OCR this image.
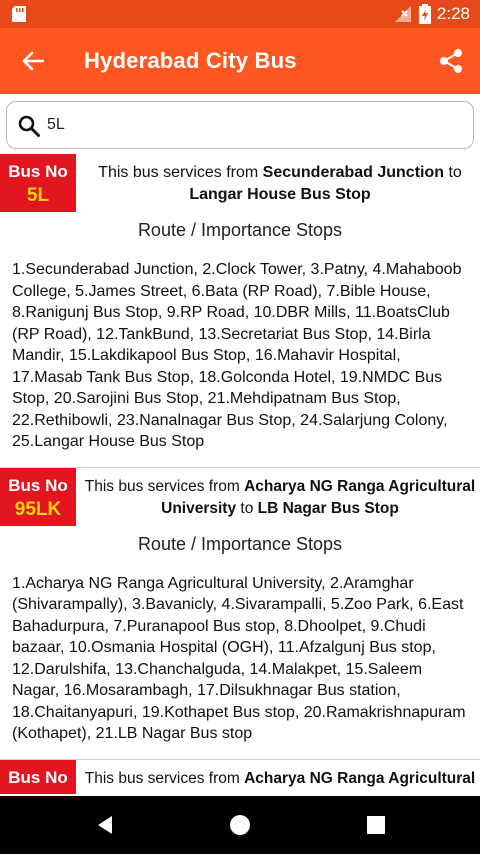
2:28
Hyderabad City Bus
5L
Bus No
5L
This bus services from Secunderabad Junction to Langar House Bus Stop
Route / Importance Stops
1.Secunderabad Junction, 2.Clock Tower, 3.Patny, 4.Mahaboob College, 5.James Street, 6.Bata (RP Road), 7.Bible House, 8.Ranigunj Bus Stop, 9.RP Road, 10.DBR Mills, 11.BoatsClub (RP Road), 12.TankBund, 13.Secretariat Bus Stop, 14.Birla Mandir, 15.Lakdikapool Bus Stop, 16.Mahavir Hospital, 17.Masab Tank Bus Stop, 18.Golconda Hotel, 19.NMDC Bus Stop, 20.Sarojini Bus Stop, 21.Mehdipatnam Bus Stop, 22.Rethibowli, 23.Nanalnagar Bus Stop, 24.Salarjung Colony, 25.Langar House Bus Stop
Bus No
95LK
This bus services from Acharya NG Ranga Agricultural University to LB Nagar Bus Stop
Route / Importance Stops
1.Acharya NG Ranga Agricultural University, 2.Aramghar (Shivarampally), 3.Bavanicly, 4.Sivarampalli, 5.Zoo Park, 6.East Bahadurpura, 7.Puranapool Bus stop, 8.Dhoolpet, 9.Chudi bazaar, 10.Osmania Hospital (OGH), 11.Afzalgunj Bus stop, 12.Darulshifa, 13.Chanchalguda, 14.Malakpet, 15.Saleem Nagar, 16.Mosarambagh, 17.Dilsukhnagar Bus station, 18.Chaitanyapuri, 19.Kothapet Bus stop, 20.Ramakrishnapuram (Kothapet), 21.LB Nagar Bus stop
Bus No	This bus services from Acharya NG Ranga Agricultural
